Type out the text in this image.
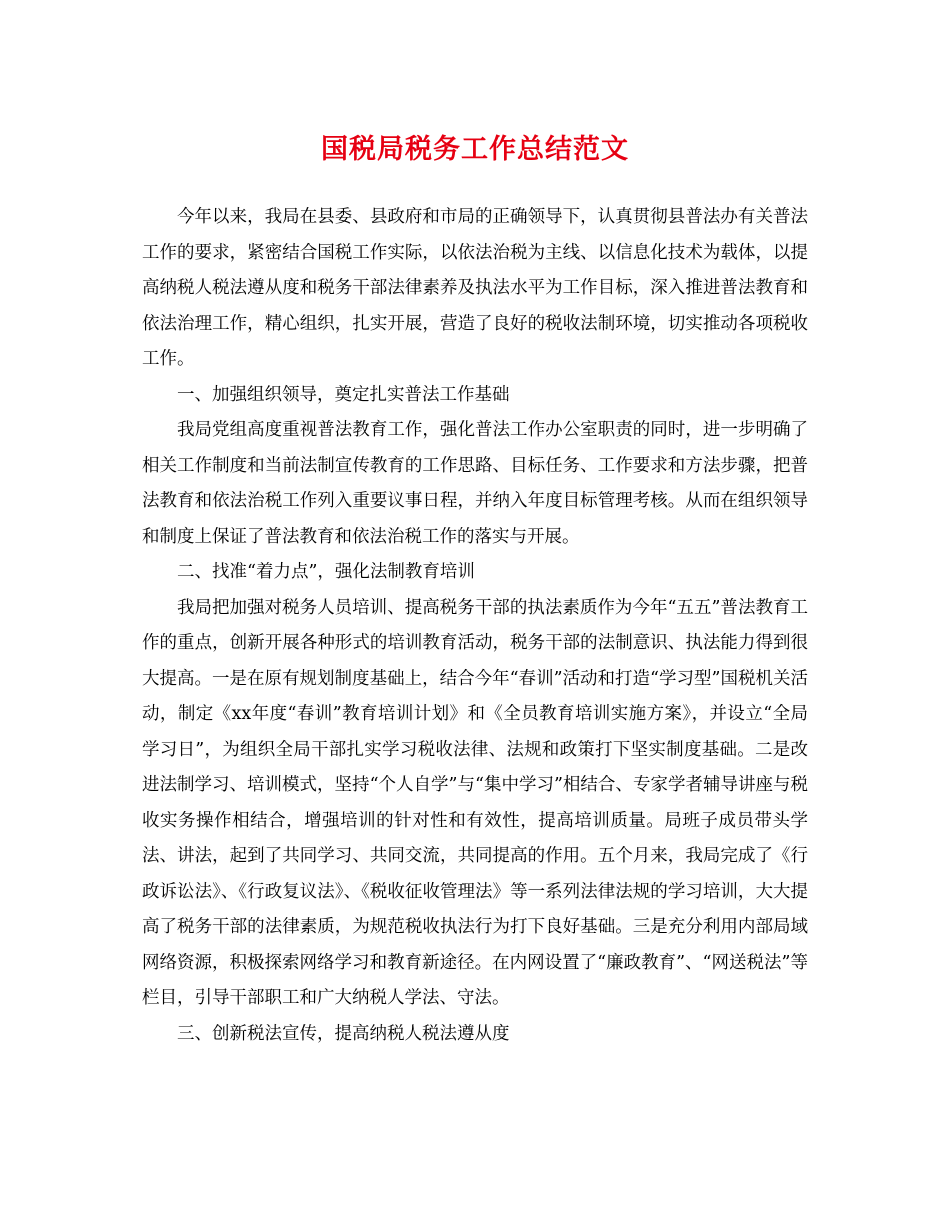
国税局税务工作总结范文

今年以来，我局在县委、县政府和市局的正确领导下，认真贯彻县普法办有关普法工作的要求，紧密结合国税工作实际，以依法治税为主线、以信息化技术为载体，以提高纳税人税法遵从度和税务干部法律素养及执法水平为工作目标，深入推进普法教育和依法治理工作，精心组织，扎实开展，营造了良好的税收法制环境，切实推动各项税收工作。

一、加强组织领导，奠定扎实普法工作基础

我局党组高度重视普法教育工作，强化普法工作办公室职责的同时，进一步明确了相关工作制度和当前法制宣传教育的工作思路、目标任务、工作要求和方法步骤，把普法教育和依法治税工作列入重要议事日程，并纳入年度目标管理考核。从而在组织领导和制度上保证了普法教育和依法治税工作的落实与开展。

二、找准“着力点”，强化法制教育培训

我局把加强对税务人员培训、提高税务干部的执法素质作为今年“五五”普法教育工作的重点，创新开展各种形式的培训教育活动，税务干部的法制意识、执法能力得到很大提高。一是在原有规划制度基础上，结合今年“春训”活动和打造“学习型”国税机关活动，制定《xx年度“春训”教育培训计划》和《全员教育培训实施方案》，并设立“全局学习日”，为组织全局干部扎实学习税收法律、法规和政策打下坚实制度基础。二是改进法制学习、培训模式，坚持“个人自学”与“集中学习”相结合、专家学者辅导讲座与税收实务操作相结合，增强培训的针对性和有效性，提高培训质量。局班子成员带头学法、讲法，起到了共同学习、共同交流，共同提高的作用。五个月来，我局完成了《行政诉讼法》、《行政复议法》、《税收征收管理法》等一系列法律法规的学习培训，大大提高了税务干部的法律素质，为规范税收执法行为打下良好基础。三是充分利用内部局域网络资源，积极探索网络学习和教育新途径。在内网设置了“廉政教育”、“网送税法”等栏目，引导干部职工和广大纳税人学法、守法。

三、创新税法宣传，提高纳税人税法遵从度
